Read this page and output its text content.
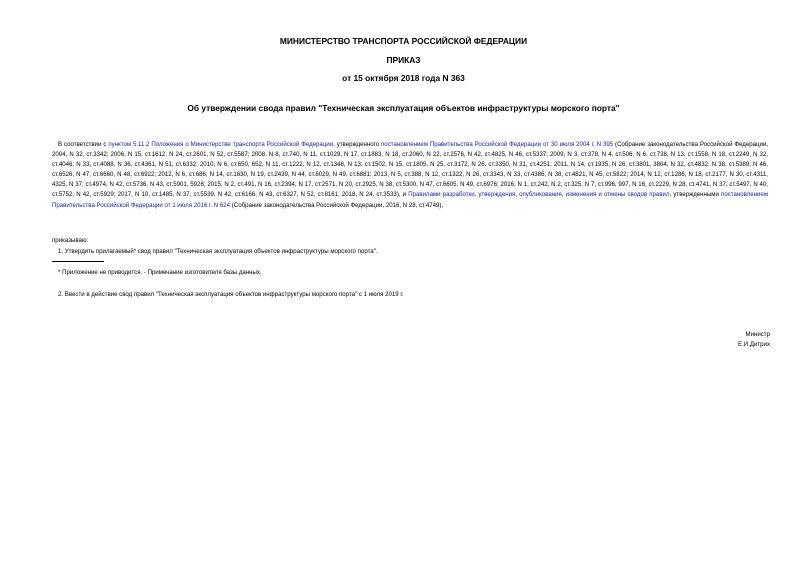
МИНИСТЕРСТВО ТРАНСПОРТА РОССИЙСКОЙ ФЕДЕРАЦИИ
ПРИКАЗ
от 15 октября 2018 года N 363
Об утверждении свода правил "Техническая эксплуатация объектов инфраструктуры морского порта"
В соответствии с пунктом 5.11.2 Положения о Министерстве транспорта Российской Федерации, утвержденного постановлением Правительства Российской Федерации от 30 июля 2004 г. N 395 (Собрание законодательства Российской Федерации, 2004, N 32, ст.3342; 2006, N 15, ст.1612, N 24, ст.2601, N 52, ст.5587; 2008, N 8, ст.740, N 11, ст.1029, N 17, ст.1883, N 18, ст.2060, N 22, ст.2576, N 42, ст.4825, N 46, ст.5337; 2009, N 3, ст.378, N 4, ст.506, N 6, ст.738, N 13, ст.1558, N 18, ст.2249, N 32, ст.4046, N 33, ст.4088, N 36, ст.4361, N 51, ст.6332; 2010, N 6, ст.650, 652, N 11, ст.1222, N 12, ст.1348, N 13, ст.1502, N 15, ст.1805, N 25, ст.3172, N 26, ст.3350, N 31, ст.4251; 2011, N 14, ст.1935, N 26, ст.3801, 3804, N 32, ст.4832, N 38, ст.5389, N 46, ст.6526, N 47, ст.6660, N 48, ст.6922; 2012, N 6, ст.686, N 14, ст.1630, N 19, ст.2439, N 44, ст.6029, N 49, ст.6881; 2013, N 5, ст.388, N 12, ст.1322, N 26, ст.3343, N 33, ст.4386, N 38, ст.4821, N 45, ст.5822; 2014, N 12, ст.1286, N 18, ст.2177, N 30, ст.4311, 4325, N 37, ст.4974, N 42, ст.5736, N 43, ст.5901, 5926; 2015, N 2, ст.491, N 16, ст.2394, N 17, ст.2571, N 20, ст.2925, N 38, ст.5300, N 47, ст.6605, N 49, ст.6976; 2016, N 1, ст.242, N 2, ст.325, N 7, ст.996, 997, N 16, ст.2229, N 28, ст.4741, N 37, ст.5497, N 40, ст.5752, N 42, ст.5929; 2017, N 10, ст.1485, N 37, ст.5539, N 42, ст.6166, N 43, ст.6327, N 52, ст.8161; 2018, N 24, ст.3533), и Правилами разработки, утверждения, опубликования, изменения и отмены сводов правил, утвержденными постановлением Правительства Российской Федерации от 1 июля 2016 г. N 624 (Собрание законодательства Российской Федерации, 2016, N 28, ст.4749),
приказываю:
1. Утвердить прилагаемый* свод правил "Техническая эксплуатация объектов инфраструктуры морского порта".
* Приложение не приводится. - Примечание изготовителя базы данных.
2. Ввести в действие свод правил "Техническая эксплуатация объектов инфраструктуры морского порта" с 1 июля 2019 г.
Министр
Е.И.Дитрих
